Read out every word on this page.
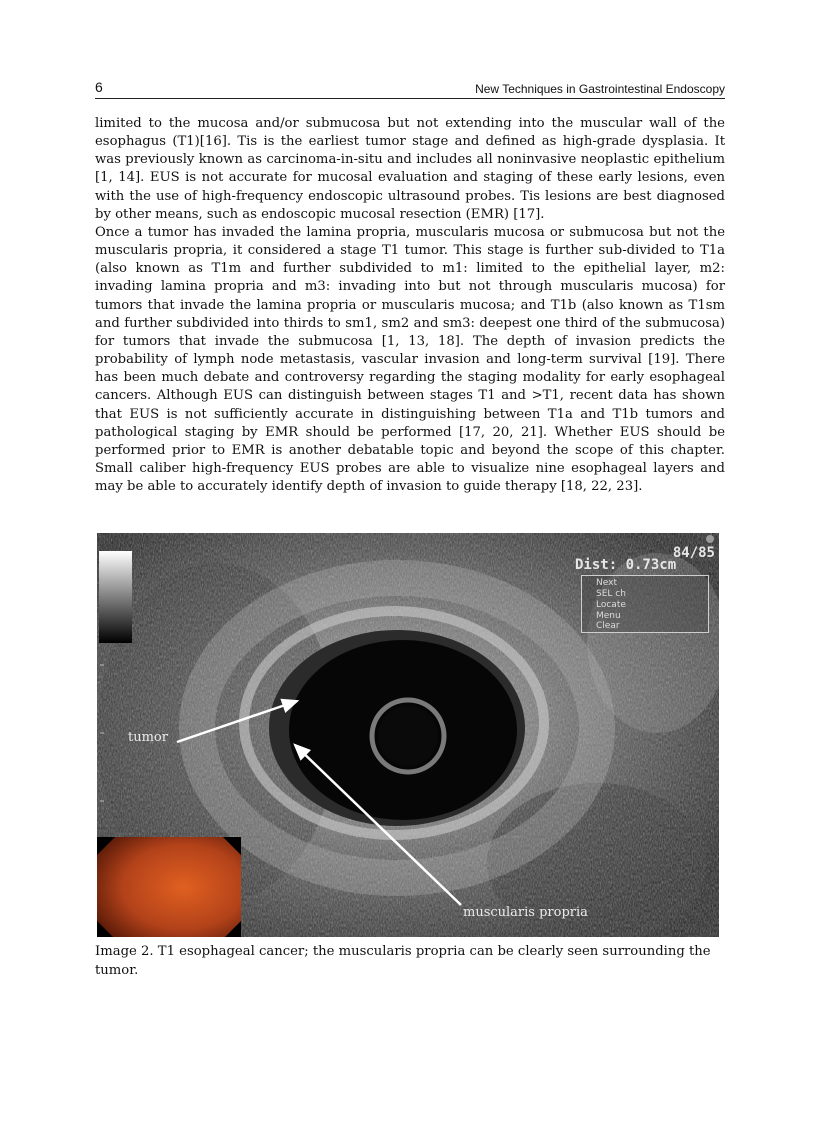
6	New Techniques in Gastrointestinal Endoscopy

limited to the mucosa and/or submucosa but not extending into the muscular wall of the esophagus (T1)[16]. Tis is the earliest tumor stage and defined as high-grade dysplasia. It was previously known as carcinoma-in-situ and includes all noninvasive neoplastic epithelium [1, 14]. EUS is not accurate for mucosal evaluation and staging of these early lesions, even with the use of high-frequency endoscopic ultrasound probes. Tis lesions are best diagnosed by other means, such as endoscopic mucosal resection (EMR) [17].

Once a tumor has invaded the lamina propria, muscularis mucosa or submucosa but not the muscularis propria, it considered a stage T1 tumor. This stage is further sub-divided to T1a (also known as T1m and further subdivided to m1: limited to the epithelial layer, m2: invading lamina propria and m3: invading into but not through muscularis mucosa) for tumors that invade the lamina propria or muscularis mucosa; and T1b (also known as T1sm and further subdivided into thirds to sm1, sm2 and sm3: deepest one third of the submucosa) for tumors that invade the submucosa [1, 13, 18]. The depth of invasion predicts the probability of lymph node metastasis, vascular invasion and long-term survival [19]. There has been much debate and controversy regarding the staging modality for early esophageal cancers. Although EUS can distinguish between stages T1 and >T1, recent data has shown that EUS is not sufficiently accurate in distinguishing between T1a and T1b tumors and pathological staging by EMR should be performed [17, 20, 21]. Whether EUS should be performed prior to EMR is another debatable topic and beyond the scope of this chapter. Small caliber high-frequency EUS probes are able to visualize nine esophageal layers and may be able to accurately identify depth of invasion to guide therapy [18, 22, 23].

84/85
Dist: 0.73cm
Next
SEL ch
Locate
Menu
Clear
tumor
muscularis propria
Image 2. T1 esophageal cancer; the muscularis propria can be clearly seen surrounding the tumor.
